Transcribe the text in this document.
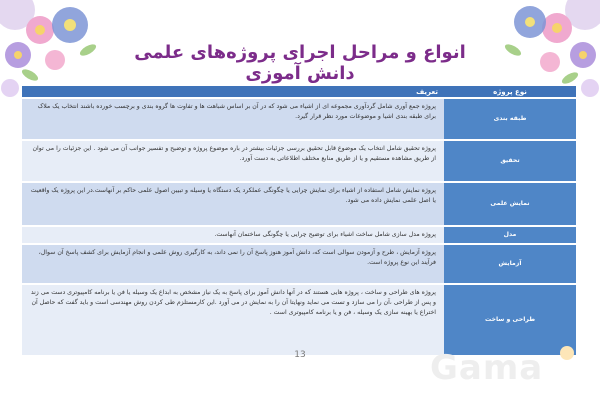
انواع و مراحل اجرای پروژه‌های علمی دانش آموزی
نوع پروژه	تعریف
طبقه بندی	پروژه جمع آوری شامل گردآوری مجموعه ای از اشیاء می شود که در آن بر اساس شباهت ها و تفاوت ها گروه بندی و برچسب خورده باشند انتخاب یک ملاک برای طبقه بندی اشیا و موضوعات مورد نظر قرار گیرد.
تحقیق	پروژه تحقیق شامل انتخاب یک موضوع قابل تحقیق بررسی جزئیات بیشتر در باره موضوع پروژه و توضیح و تفسیر جوانب آن می شود . این جزئیات را می توان از طریق مشاهده مستقیم و یا از طریق منابع مختلف اطلاعاتی به دست آورد.
نمایش علمی	پروژه نمایش شامل استفاده از اشیاء برای نمایش چرایی یا چگونگی عملکرد یک دستگاه یا وسیله و تبیین اصول علمی حاکم بر آنهاست.در این پروژه یک واقعیت یا اصل علمی نمایش داده می شود.
مدل	پروژه مدل سازی شامل ساخت اشیاء برای توضیح چرایی یا چگونگی ساختمان آنهاست.
آزمایش	پروژه آزمایش ، طرح و آزمودن سوالی است که، دانش آموز هنوز پاسخ آن را نمی داند، به کارگیری روش علمی و انجام آزمایش برای کشف پاسخ آن سوال، فرآیند این نوع پروژه است.
طراحی و ساخت	پروژه های طراحی و ساخت ، پروژه هایی هستند که در آنها دانش آموز برای پاسخ به یک نیاز مشخص به ابداع یک وسیله یا فن یا برنامه کامپیوتری دست می زند و پس از طراحی ،آن را می سازد و تست می نماید ونهایتا آن را به نمایش در می آورد .این کارمستلزم طی کردن روش مهندسی است و باید گفت که حاصل آن اختراع یا بهینه سازی یک وسیله ، فن و یا برنامه کامپیوتری است .
13	Gama
